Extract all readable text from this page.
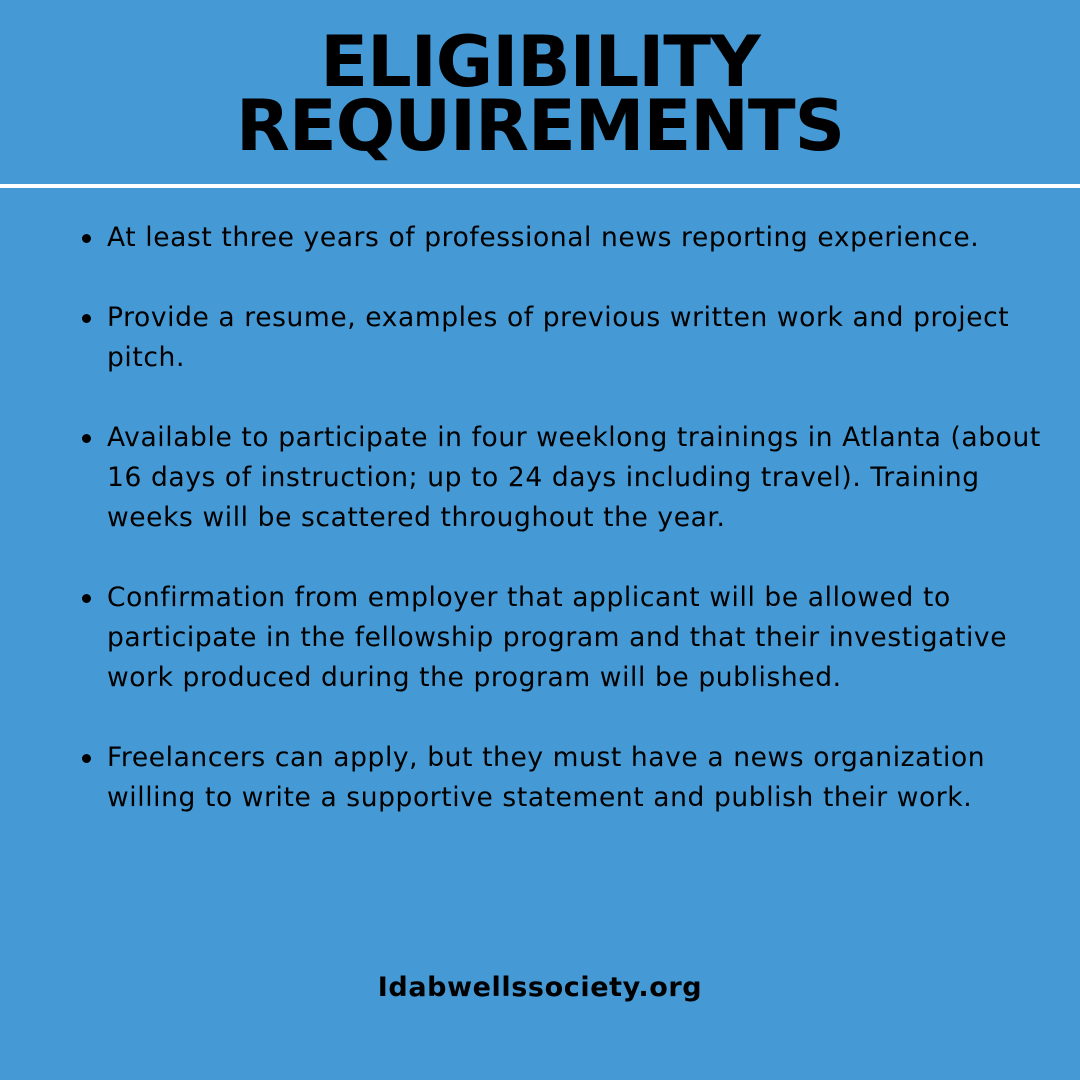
ELIGIBILITY
REQUIREMENTS
At least three years of professional news reporting experience.
Provide a resume, examples of previous written work and project pitch.
Available to participate in four weeklong trainings in Atlanta (about 16 days of instruction; up to 24 days including travel). Training weeks will be scattered throughout the year.
Confirmation from employer that applicant will be allowed to participate in the fellowship program and that their investigative work produced during the program will be published.
Freelancers can apply, but they must have a news organization willing to write a supportive statement and publish their work.
Idabwellssociety.org
